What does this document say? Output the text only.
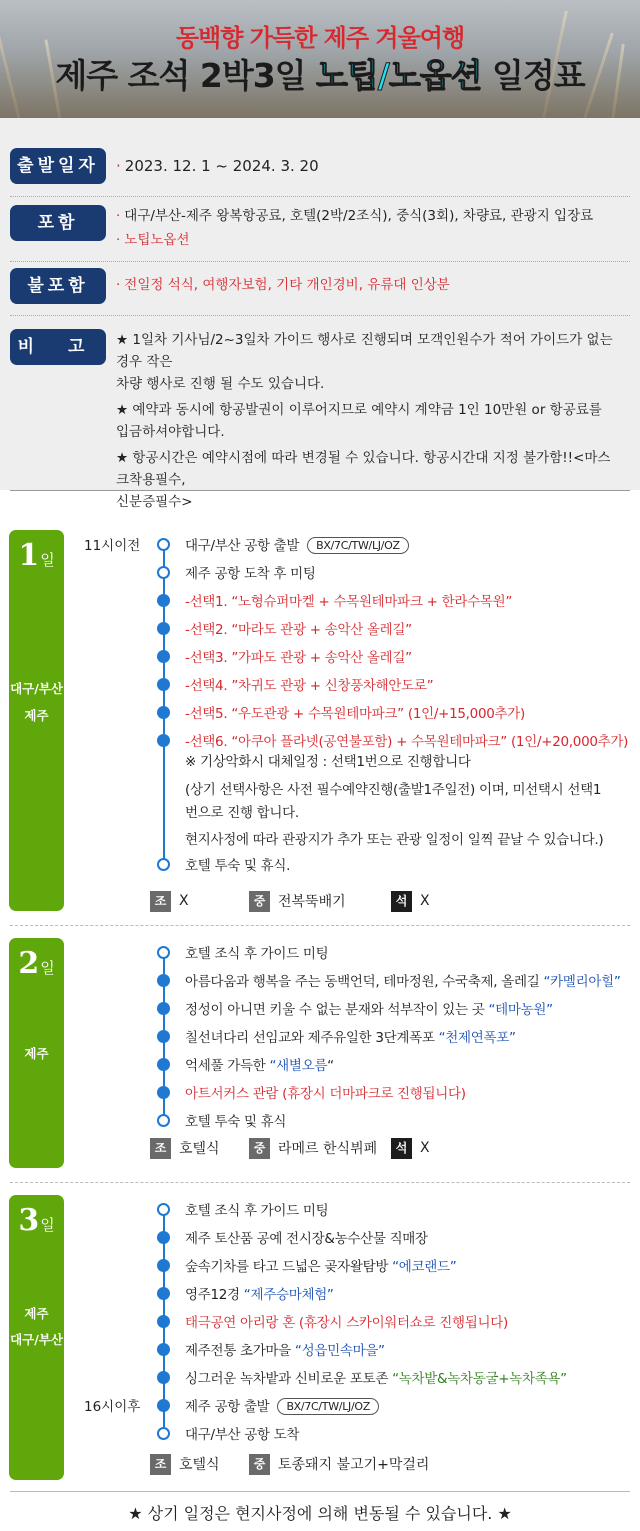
동백향 가득한 제주 겨울여행
제주 조석 2박3일 노팁/노옵션 일정표
출발일자	· 2023. 12. 1 ~ 2024. 3. 20
포함	· 대구/부산-제주 왕복항공료, 호텔(2박/2조식), 중식(3회), 차량료, 관광지 입장료
· 노팁노옵션
불포함	· 전일정 석식, 여행자보험, 기타 개인경비, 유류대 인상분
비 고	★ 1일차 기사님/2~3일차 가이드 행사로 진행되며 모객인원수가 적어 가이드가 없는 경우 작은
차량 행사로 진행 될 수도 있습니다.
★ 예약과 동시에 항공발권이 이루어지므로 예약시 계약금 1인 10만원 or 항공료를
입금하셔야합니다.
★ 항공시간은 예약시점에 따라 변경될 수 있습니다. 항공시간대 지정 불가함!!<마스크착용필수,
신분증필수>
1일
대구/부산
제주
11시이전	대구/부산 공항 출발 BX/7C/TW/LJ/OZ
제주 공항 도착 후 미팅
-선택1. “노형슈퍼마켙 + 수목원테마파크 + 한라수목원”
-선택2. “마라도 관광 + 송악산 올레길”
-선택3. ”가파도 관광 + 송악산 올레길”
-선택4. ”차귀도 관광 + 신창풍차해안도로”
-선택5. “우도관광 + 수목원테마파크” (1인/+15,000추가)
-선택6. “아쿠아 플라넷(공연불포함) + 수목원테마파크” (1인/+20,000추가)
※ 기상악화시 대체일정 : 선택1번으로 진행합니다
(상기 선택사항은 사전 필수예약진행(출발1주일전) 이며, 미선택시 선택1
번으로 진행 합니다.
현지사정에 따라 관광지가 추가 또는 관광 일정이 일찍 끝날 수 있습니다.)
호텔 투숙 및 휴식.
조 X	중 전복뚝배기	석 X
2일
제주
호텔 조식 후 가이드 미팅
아름다움과 행복을 주는 동백언덕, 테마정원, 수국축제, 올레길 “카멜리아힐”
정성이 아니면 키울 수 없는 분재와 석부작이 있는 곳 “테마농원”
칠선녀다리 선임교와 제주유일한 3단계폭포 “천제연폭포”
억세풀 가득한 “새별오름“
아트서커스 관람 (휴장시 더마파크로 진행됩니다)
호텔 투숙 및 휴식
조 호텔식	중 라메르 한식뷔페	석 X
3일
제주
대구/부산
호텔 조식 후 가이드 미팅
제주 토산품 공예 전시장&농수산물 직매장
숲속기차를 타고 드넓은 곶자왈탐방 “에코랜드”
영주12경 “제주승마체험”
태극공연 아리랑 혼 (휴장시 스카이워터쇼로 진행됩니다)
제주전통 초가마을 “성읍민속마을”
싱그러운 녹차밭과 신비로운 포토존 “녹차밭&녹차동굴+녹차족욕”
16시이후	제주 공항 출발 BX/7C/TW/LJ/OZ
대구/부산 공항 도착
조 호텔식	중 토종돼지 불고기+막걸리
★ 상기 일정은 현지사정에 의해 변동될 수 있습니다. ★
